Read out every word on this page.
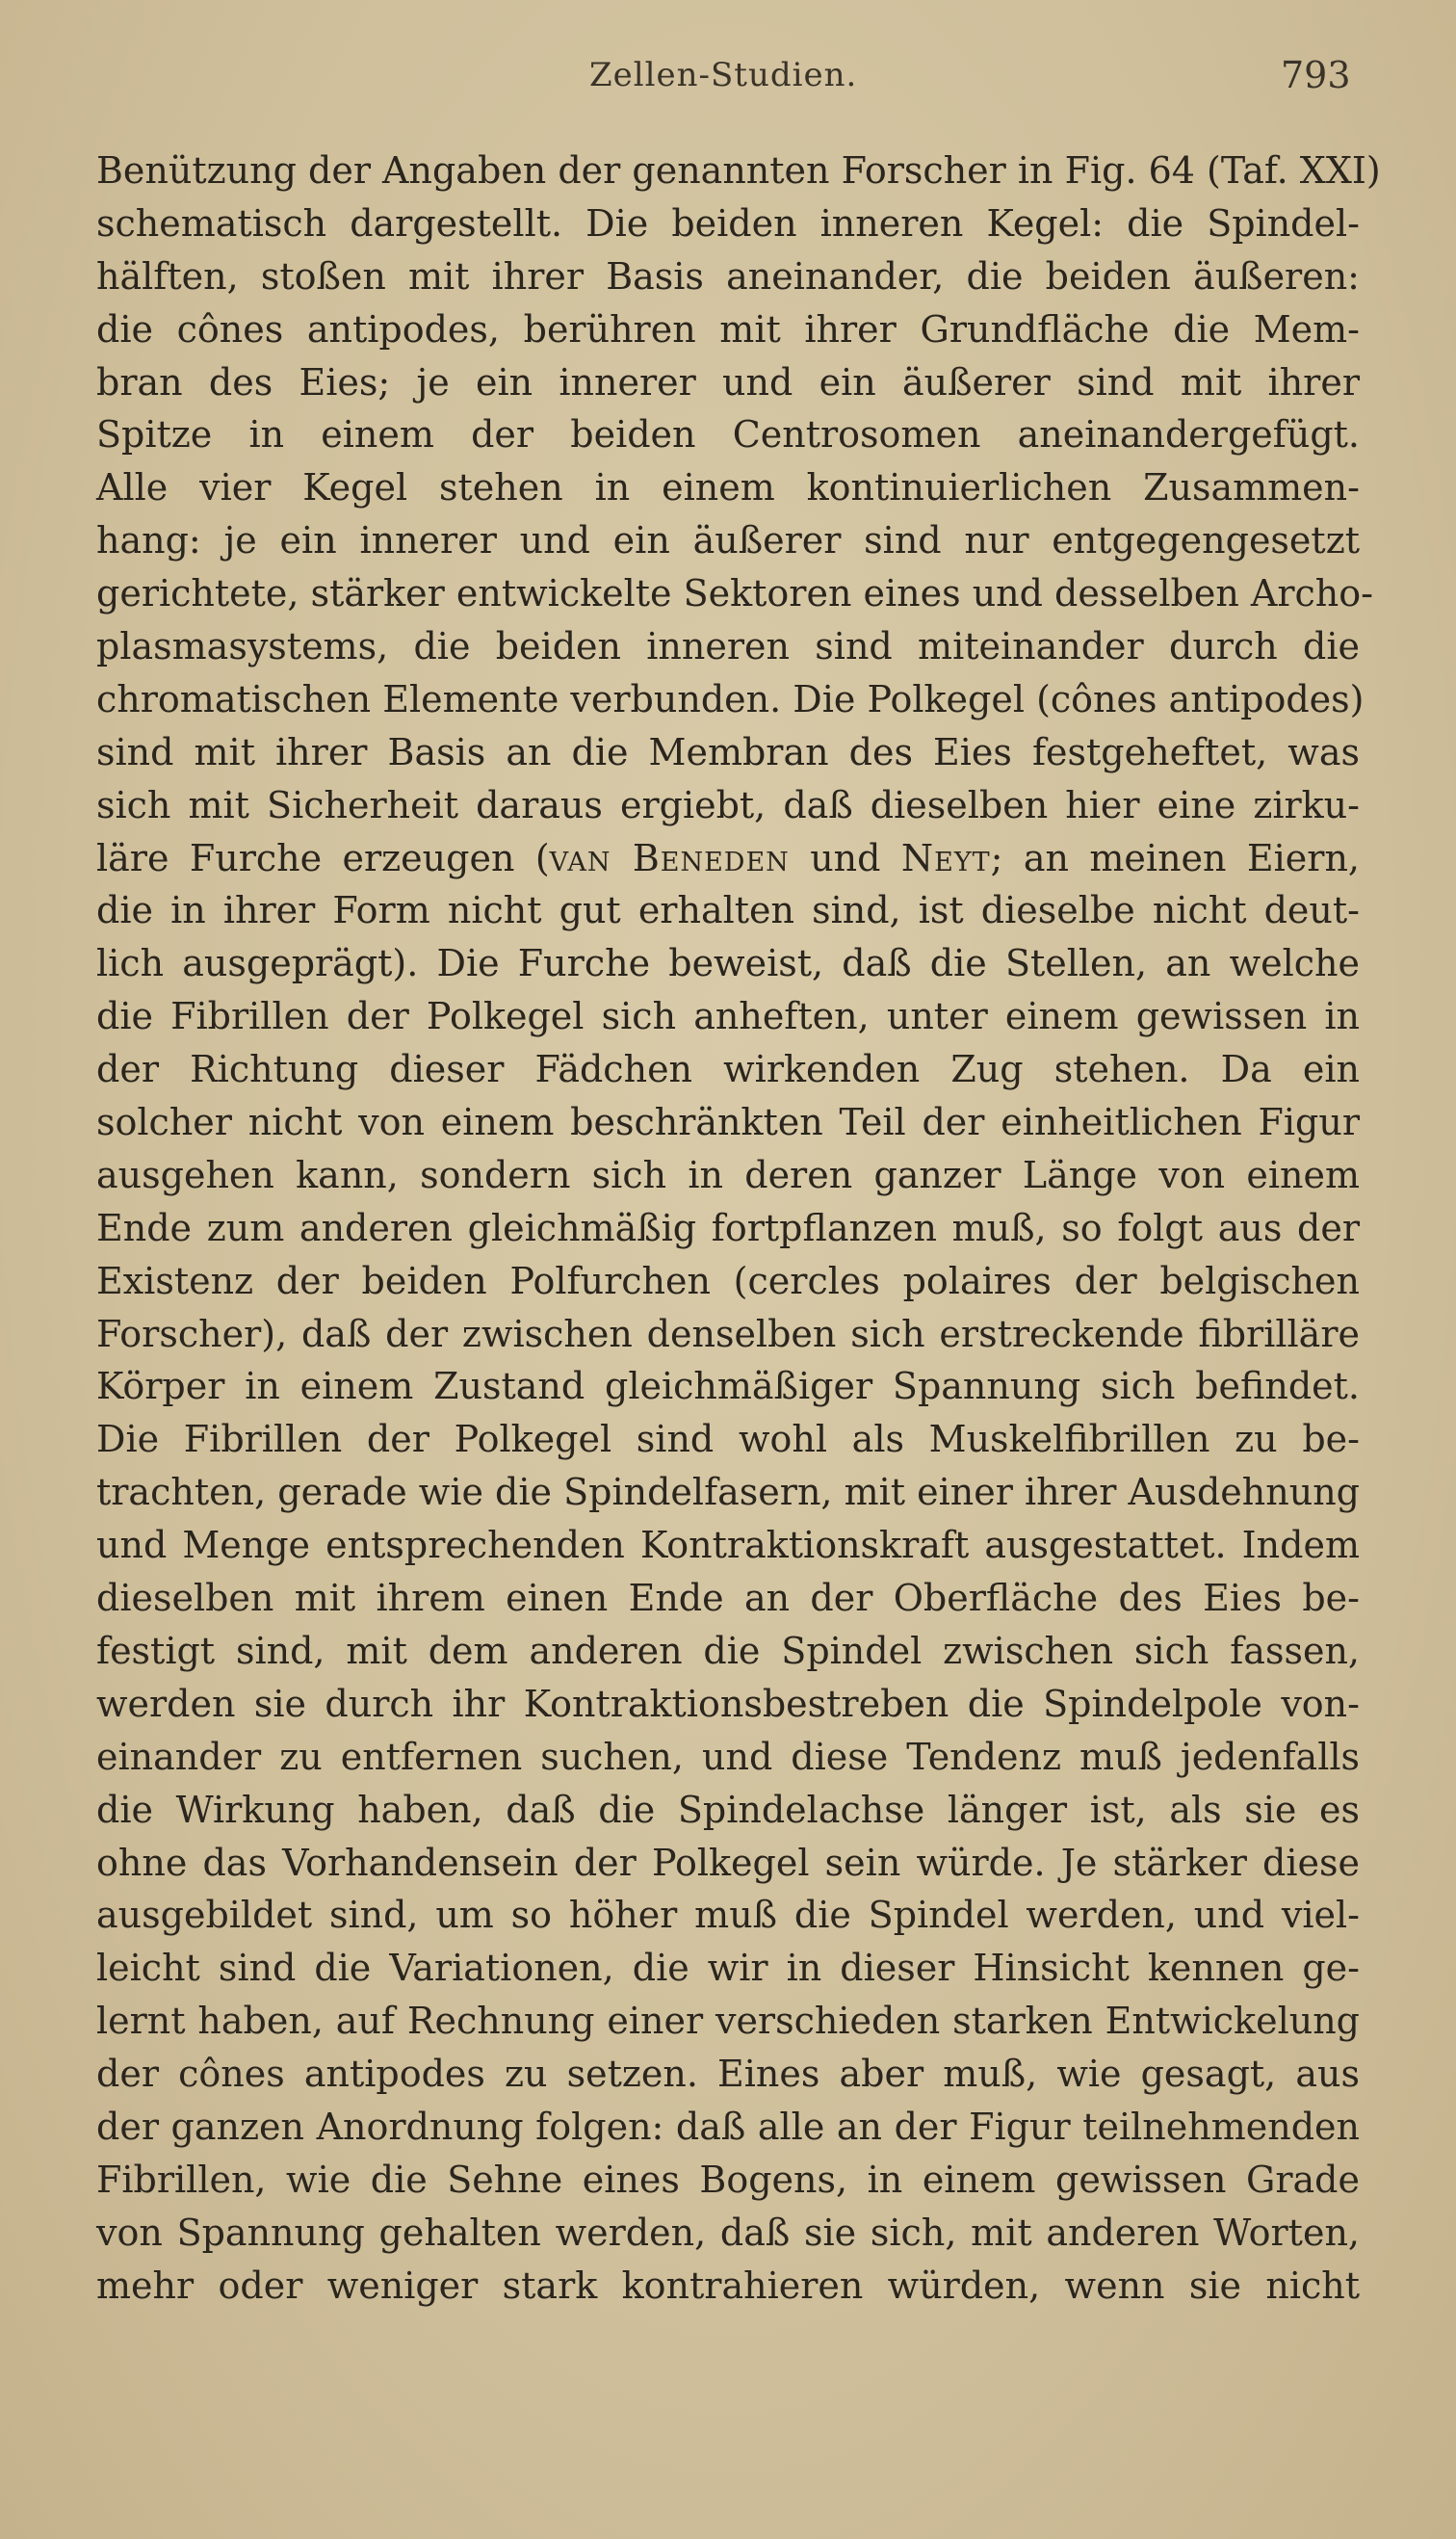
Zellen-Studien.	793
Benützung der Angaben der genannten Forscher in Fig. 64 (Taf. XXI)
schematisch dargestellt. Die beiden inneren Kegel: die Spindel-
hälften, stoßen mit ihrer Basis aneinander, die beiden äußeren:
die cônes antipodes, berühren mit ihrer Grundfläche die Mem-
bran des Eies; je ein innerer und ein äußerer sind mit ihrer
Spitze in einem der beiden Centrosomen aneinandergefügt.
Alle vier Kegel stehen in einem kontinuierlichen Zusammen-
hang: je ein innerer und ein äußerer sind nur entgegengesetzt
gerichtete, stärker entwickelte Sektoren eines und desselben Archo-
plasmasystems, die beiden inneren sind miteinander durch die
chromatischen Elemente verbunden. Die Polkegel (cônes antipodes)
sind mit ihrer Basis an die Membran des Eies festgeheftet, was
sich mit Sicherheit daraus ergiebt, daß dieselben hier eine zirku-
läre Furche erzeugen (van Beneden und Neyt; an meinen Eiern,
die in ihrer Form nicht gut erhalten sind, ist dieselbe nicht deut-
lich ausgeprägt). Die Furche beweist, daß die Stellen, an welche
die Fibrillen der Polkegel sich anheften, unter einem gewissen in
der Richtung dieser Fädchen wirkenden Zug stehen. Da ein
solcher nicht von einem beschränkten Teil der einheitlichen Figur
ausgehen kann, sondern sich in deren ganzer Länge von einem
Ende zum anderen gleichmäßig fortpflanzen muß, so folgt aus der
Existenz der beiden Polfurchen (cercles polaires der belgischen
Forscher), daß der zwischen denselben sich erstreckende fibrilläre
Körper in einem Zustand gleichmäßiger Spannung sich befindet.
Die Fibrillen der Polkegel sind wohl als Muskelfibrillen zu be-
trachten, gerade wie die Spindelfasern, mit einer ihrer Ausdehnung
und Menge entsprechenden Kontraktionskraft ausgestattet. Indem
dieselben mit ihrem einen Ende an der Oberfläche des Eies be-
festigt sind, mit dem anderen die Spindel zwischen sich fassen,
werden sie durch ihr Kontraktionsbestreben die Spindelpole von-
einander zu entfernen suchen, und diese Tendenz muß jedenfalls
die Wirkung haben, daß die Spindelachse länger ist, als sie es
ohne das Vorhandensein der Polkegel sein würde. Je stärker diese
ausgebildet sind, um so höher muß die Spindel werden, und viel-
leicht sind die Variationen, die wir in dieser Hinsicht kennen ge-
lernt haben, auf Rechnung einer verschieden starken Entwickelung
der cônes antipodes zu setzen. Eines aber muß, wie gesagt, aus
der ganzen Anordnung folgen: daß alle an der Figur teilnehmenden
Fibrillen, wie die Sehne eines Bogens, in einem gewissen Grade
von Spannung gehalten werden, daß sie sich, mit anderen Worten,
mehr oder weniger stark kontrahieren würden, wenn sie nicht
